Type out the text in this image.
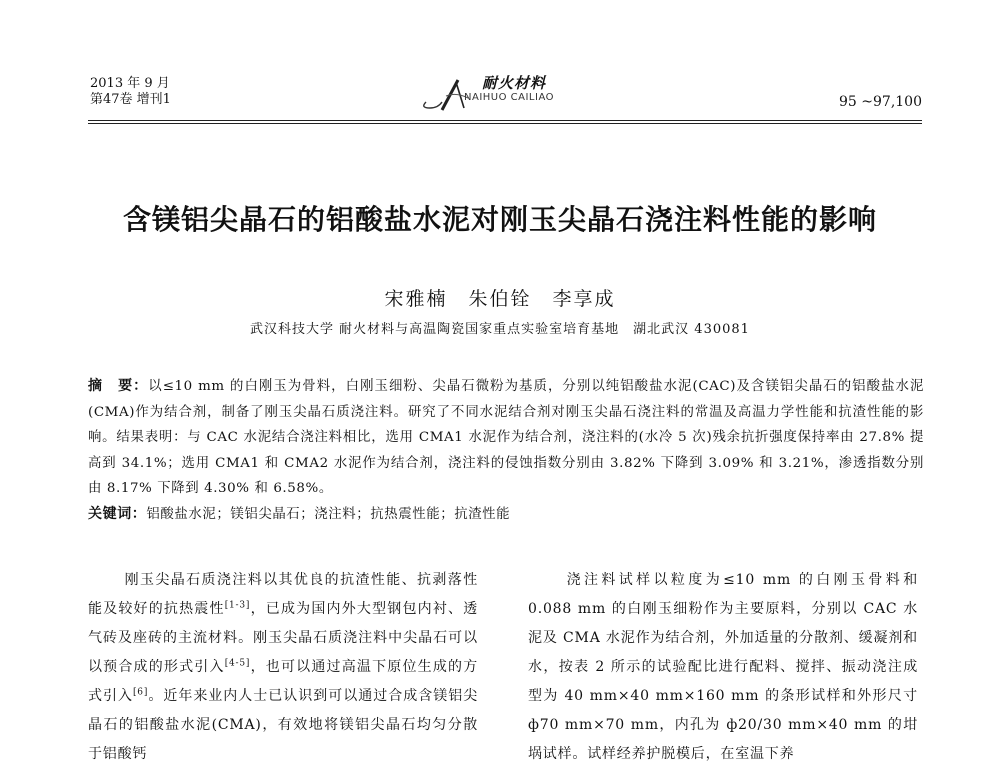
2013 年 9 月
第47卷 增刊1
耐火材料
NAIHUO CAILIAO	95 ~97,100
含镁铝尖晶石的铝酸盐水泥对刚玉尖晶石浇注料性能的影响
宋雅楠　朱伯铨　李享成
武汉科技大学 耐火材料与高温陶瓷国家重点实验室培育基地　湖北武汉 430081
摘　要：以≤10 mm 的白刚玉为骨料，白刚玉细粉、尖晶石微粉为基质，分别以纯铝酸盐水泥(CAC)及含镁铝尖晶石的铝酸盐水泥(CMA)作为结合剂，制备了刚玉尖晶石质浇注料。研究了不同水泥结合剂对刚玉尖晶石浇注料的常温及高温力学性能和抗渣性能的影响。结果表明：与 CAC 水泥结合浇注料相比，选用 CMA1 水泥作为结合剂，浇注料的(水冷 5 次)残余抗折强度保持率由 27.8% 提高到 34.1%；选用 CMA1 和 CMA2 水泥作为结合剂，浇注料的侵蚀指数分别由 3.82% 下降到 3.09% 和 3.21%，渗透指数分别由 8.17% 下降到 4.30% 和 6.58%。
关键词：铝酸盐水泥；镁铝尖晶石；浇注料；抗热震性能；抗渣性能
刚玉尖晶石质浇注料以其优良的抗渣性能、抗剥落性能及较好的抗热震性[1-3]，已成为国内外大型钢包内衬、透气砖及座砖的主流材料。刚玉尖晶石质浇注料中尖晶石可以以预合成的形式引入[4-5]，也可以通过高温下原位生成的方式引入[6]。近年来业内人士已认识到可以通过合成含镁铝尖晶石的铝酸盐水泥(CMA)，有效地将镁铝尖晶石均匀分散于铝酸钙
浇注料试样以粒度为≤10 mm 的白刚玉骨料和 0.088 mm 的白刚玉细粉作为主要原料，分别以 CAC 水泥及 CMA 水泥作为结合剂，外加适量的分散剂、缓凝剂和水，按表 2 所示的试验配比进行配料、搅拌、振动浇注成型为 40 mm×40 mm×160 mm 的条形试样和外形尺寸 ф70 mm×70 mm，内孔为 ф20/30 mm×40 mm 的坩埚试样。试样经养护脱模后，在室温下养
